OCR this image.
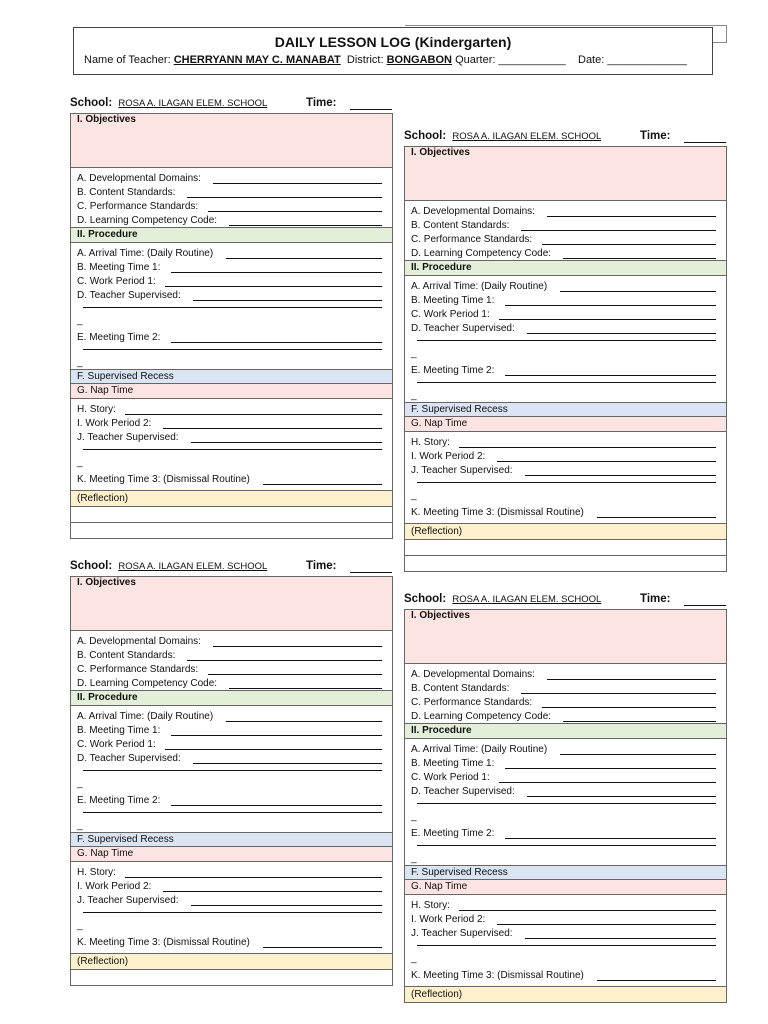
DAILY LESSON LOG (Kindergarten)
Name of Teacher: CHERRYANN MAY C. MANABAT District: BONGABON Quarter: ___________ Date: _____________
School: ROSA A. ILAGAN ELEM. SCHOOL	Time:
I. Objectives
A. Developmental Domains:
B. Content Standards:
C. Performance Standards:
D. Learning Competency Code:
II. Procedure
A. Arrival Time: (Daily Routine)
B. Meeting Time 1:
C. Work Period 1:
D. Teacher Supervised:
_
E. Meeting Time 2:
_
F. Supervised Recess
G. Nap Time
H. Story:
I. Work Period 2:
J. Teacher Supervised:
_
K. Meeting Time 3: (Dismissal Routine)
(Reflection)
School: ROSA A. ILAGAN ELEM. SCHOOL	Time:
I. Objectives
A. Developmental Domains:
B. Content Standards:
C. Performance Standards:
D. Learning Competency Code:
II. Procedure
A. Arrival Time: (Daily Routine)
B. Meeting Time 1:
C. Work Period 1:
D. Teacher Supervised:
_
E. Meeting Time 2:
_
F. Supervised Recess
G. Nap Time
H. Story:
I. Work Period 2:
J. Teacher Supervised:
_
K. Meeting Time 3: (Dismissal Routine)
(Reflection)
School: ROSA A. ILAGAN ELEM. SCHOOL	Time:
I. Objectives
A. Developmental Domains:
B. Content Standards:
C. Performance Standards:
D. Learning Competency Code:
II. Procedure
A. Arrival Time: (Daily Routine)
B. Meeting Time 1:
C. Work Period 1:
D. Teacher Supervised:
_
E. Meeting Time 2:
_
F. Supervised Recess
G. Nap Time
H. Story:
I. Work Period 2:
J. Teacher Supervised:
_
K. Meeting Time 3: (Dismissal Routine)
(Reflection)
School: ROSA A. ILAGAN ELEM. SCHOOL	Time:
I. Objectives
A. Developmental Domains:
B. Content Standards:
C. Performance Standards:
D. Learning Competency Code:
II. Procedure
A. Arrival Time: (Daily Routine)
B. Meeting Time 1:
C. Work Period 1:
D. Teacher Supervised:
_
E. Meeting Time 2:
_
F. Supervised Recess
G. Nap Time
H. Story:
I. Work Period 2:
J. Teacher Supervised:
_
K. Meeting Time 3: (Dismissal Routine)
(Reflection)
